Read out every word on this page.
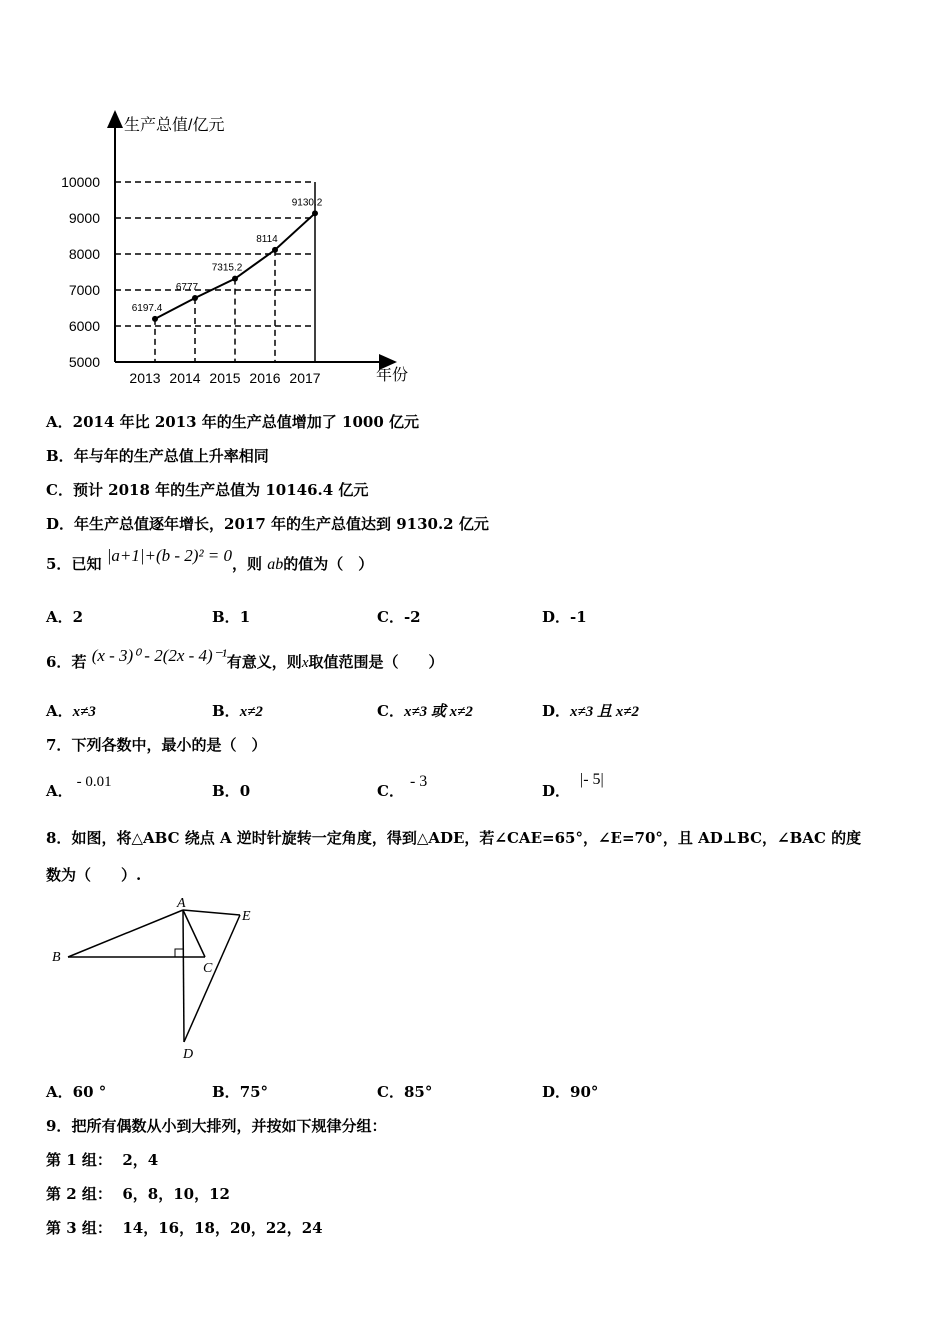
生产总值/亿元
年份
5000
6000
7000
8000
9000
10000
2013 2014 2015 2016 2017
6197.4
6777
7315.2
8114
9130.2
A．2014 年比 2013 年的生产总值增加了 1000 亿元
B．年与年的生产总值上升率相同
C．预计 2018 年的生产总值为 10146.4 亿元
D．年生产总值逐年增长，2017 年的生产总值达到 9130.2 亿元
5．已知 |a+1|+(b - 2)² = 0，则 ab的值为（　）
A．2	B．1	C．-2	D．-1
6．若 (x - 3)⁰ - 2(2x - 4)⁻¹有意义，则x取值范围是（　　）
A．x≠3	B．x≠2	C．x≠3 或 x≠2	D．x≠3 且 x≠2
7．下列各数中，最小的是（　）
A． - 0.01	B．0	C．- 3
D．|- 5|
8．如图，将△ABC 绕点 A 逆时针旋转一定角度，得到△ADE，若∠CAE=65°，∠E=70°，且 AD⊥BC，∠BAC 的度
数为（　　）.
A
B
C
D
E
A．60 °	B．75°	C．85°	D．90°
9．把所有偶数从小到大排列，并按如下规律分组：
第 1 组： 2，4
第 2 组： 6，8，10，12
第 3 组： 14，16，18，20，22，24
